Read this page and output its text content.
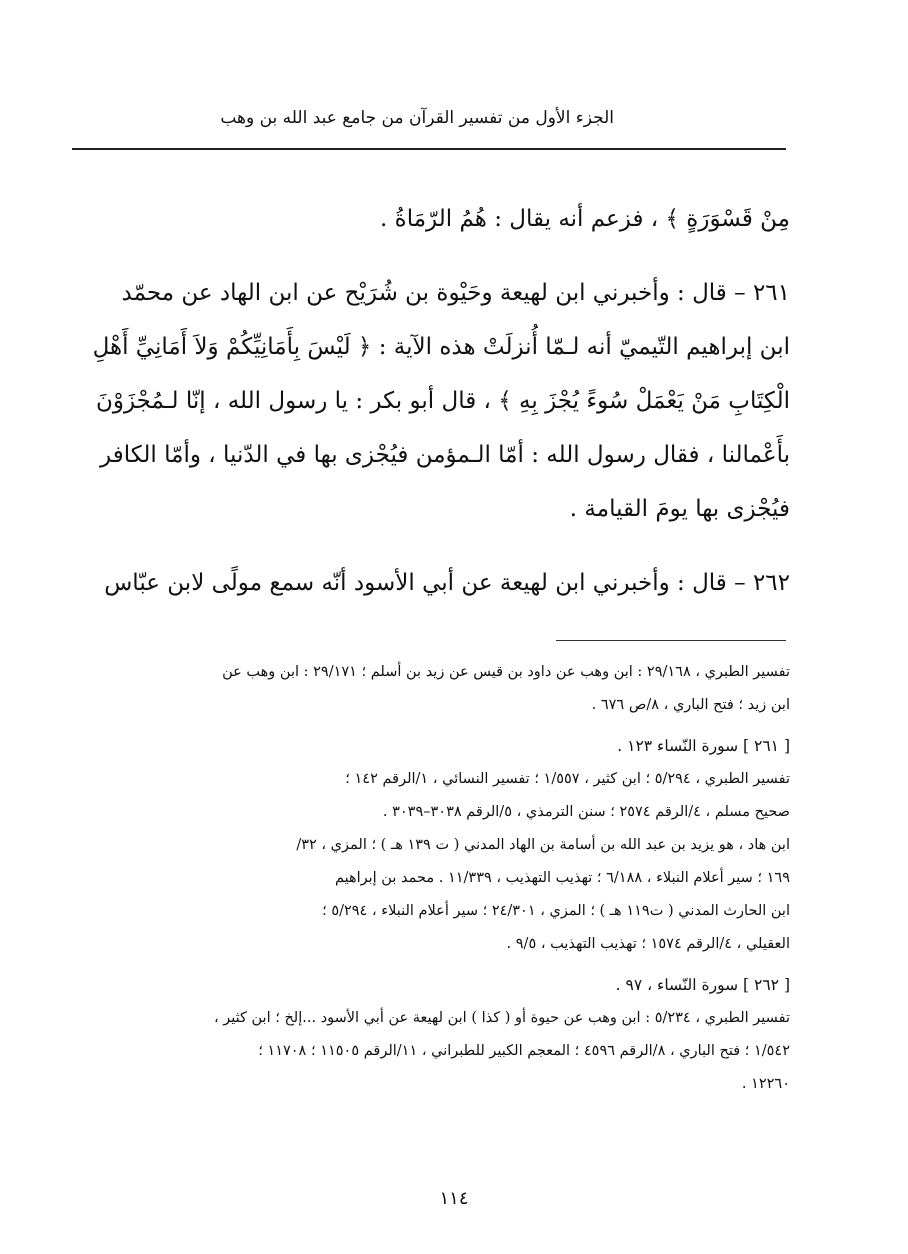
الجزء الأول من تفسير القرآن من جامع عبد الله بن وهب
مِنْ قَسْوَرَةٍ ﴾ ، فزعم أنه يقال : هُمُ الرّمَاةُ .
٢٦١ – قال : وأخبرني ابن لهيعة وحَيْوة بن شُرَيْح عن ابن الهاد عن محمّد
ابن إبراهيم التّيميّ أنه لـمّا أُنزلَتْ هذه الآية : ﴿ لَيْسَ بِأَمَانِيِّكُمْ وَلاَ أَمَانِيِّ أَهْلِ
الْكِتَابِ مَنْ يَعْمَلْ سُوءً يُجْزَ بِهِ ﴾ ، قال أبو بكر : يا رسول الله ، إنّا لـمُجْزَوْنَ
بأَعْمالنا ، فقال رسول الله : أمّا الـمؤمن فيُجْزى بها في الدّنيا ، وأمّا الكافر
فيُجْزى بها يومَ القيامة .
٢٦٢ – قال : وأخبرني ابن لهيعة عن أبي الأسود أنّه سمع مولًى لابن عبّاس
تفسير الطبري ، ٢٩/١٦٨ : ابن وهب عن داود بن قيس عن زيد بن أسلم ؛ ٢٩/١٧١ : ابن وهب عن
ابن زيد ؛ فتح الباري ، ٨/ص ٦٧٦ .
[ ٢٦١ ] سورة النّساء ١٢٣ .
تفسير الطبري ، ٥/٢٩٤ ؛ ابن كثير ، ١/٥٥٧ ؛ تفسير النسائي ، ١/الرقم ١٤٢ ؛
صحيح مسلم ، ٤/الرقم ٢٥٧٤ ؛ سنن الترمذي ، ٥/الرقم ٣٠٣٨–٣٠٣٩ .
ابن هاد ، هو يزيد بن عبد الله بن أسامة بن الهاد المدني ( ت ١٣٩ هـ ) ؛ المزي ، ٣٢/
١٦٩ ؛ سير أعلام النبلاء ، ٦/١٨٨ ؛ تهذيب التهذيب ، ١١/٣٣٩ . محمد بن إبراهيم
ابن الحارث المدني ( ت١١٩ هـ ) ؛ المزي ، ٢٤/٣٠١ ؛ سير أعلام النبلاء ، ٥/٢٩٤ ؛
العقيلي ، ٤/الرقم ١٥٧٤ ؛ تهذيب التهذيب ، ٩/٥ .
[ ٢٦٢ ] سورة النّساء ، ٩٧ .
تفسير الطبري ، ٥/٢٣٤ : ابن وهب عن حيوة أو ( كذا ) ابن لهيعة عن أبي الأسود ...إلخ ؛ ابن كثير ،
١/٥٤٢ ؛ فتح الباري ، ٨/الرقم ٤٥٩٦ ؛ المعجم الكبير للطبراني ، ١١/الرقم ١١٥٠٥ ؛ ١١٧٠٨ ؛
١٢٢٦٠ .
١١٤
